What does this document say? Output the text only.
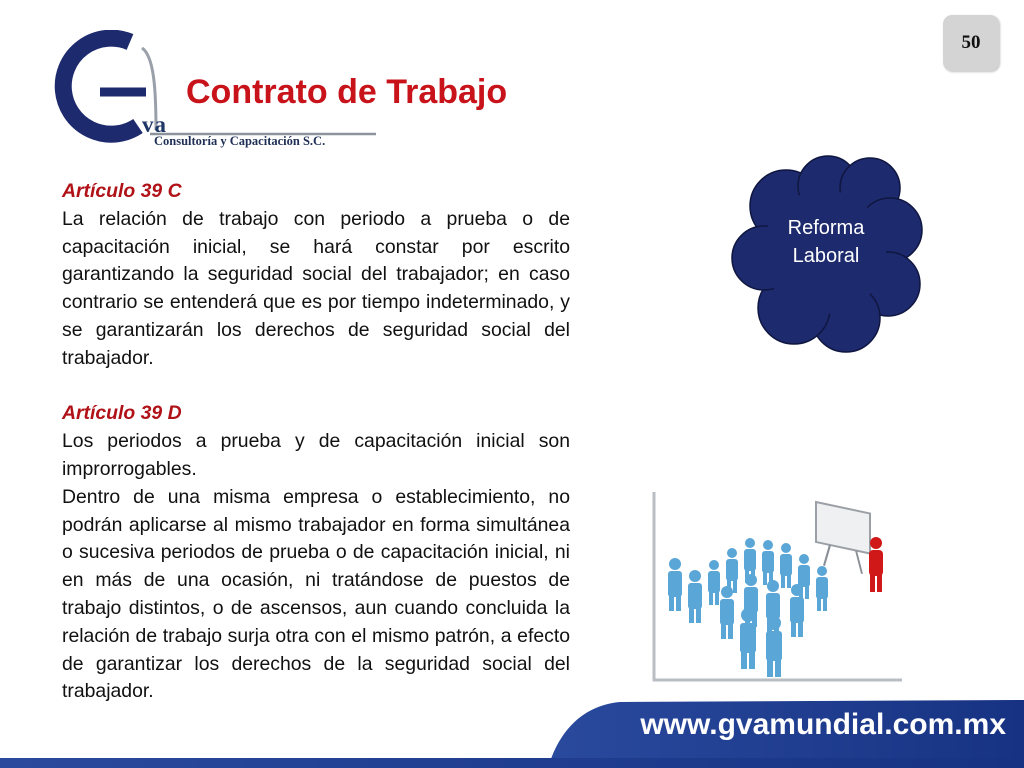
50
va
Consultoría y Capacitación S.C.
Contrato de Trabajo

Artículo 39 C

La relación de trabajo con periodo a prueba o de capacitación inicial, se hará constar por escrito garantizando la seguridad social del trabajador; en caso contrario se entenderá que es por tiempo indeterminado, y se garantizarán los derechos de seguridad social del trabajador.

Artículo 39 D

Los periodos a prueba y de capacitación inicial son improrrogables.

Dentro de una misma empresa o establecimiento, no podrán aplicarse al mismo trabajador en forma simultánea o sucesiva periodos de prueba o de capacitación inicial, ni en más de una ocasión, ni tratándose de puestos de trabajo distintos, o de ascensos, aun cuando concluida la relación de trabajo surja otra con el mismo patrón, a efecto de garantizar los derechos de la seguridad social del trabajador.

Reforma
Laboral
www.gvamundial.com.mx
